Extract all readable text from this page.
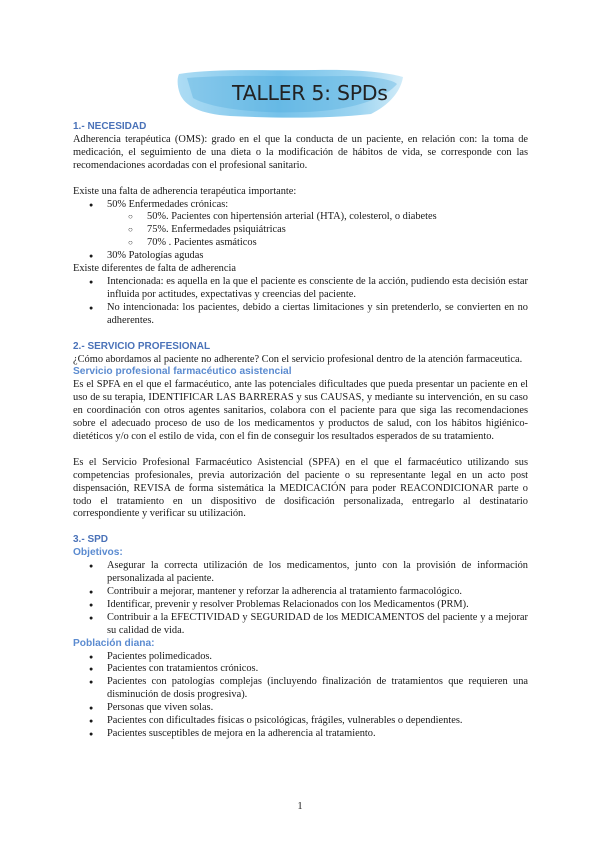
TALLER 5: SPDs
1.- NECESIDAD

Adherencia terapéutica (OMS): grado en el que la conducta de un paciente, en relación con: la toma de medicación, el seguimiento de una dieta o la modificación de hábitos de vida, se corresponde con las recomendaciones acordadas con el profesional sanitario.

Existe una falta de adherencia terapéutica importante:

● 50% Enfermedades crónicas:
○ 50%. Pacientes con hipertensión arterial (HTA), colesterol, o diabetes
○ 75%. Enfermedades psiquiátricas
○ 70% . Pacientes asmáticos
● 30% Patologías agudas

Existe diferentes de falta de adherencia

● Intencionada: es aquella en la que el paciente es consciente de la acción, pudiendo esta decisión estar influida por actitudes, expectativas y creencias del paciente.
● No intencionada: los pacientes, debido a ciertas limitaciones y sin pretenderlo, se convierten en no adherentes.
2.- SERVICIO PROFESIONAL

¿Cómo abordamos al paciente no adherente? Con el servicio profesional dentro de la atención farmaceutica.

Servicio profesional farmacéutico asistencial

Es el SPFA en el que el farmacéutico, ante las potenciales dificultades que pueda presentar un paciente en el uso de su terapia, IDENTIFICAR LAS BARRERAS y sus CAUSAS, y mediante su intervención, en su caso en coordinación con otros agentes sanitarios, colabora con el paciente para que siga las recomendaciones sobre el adecuado proceso de uso de los medicamentos y productos de salud, con los hábitos higiénico- dietéticos y/o con el estilo de vida, con el fin de conseguir los resultados esperados de su tratamiento.

Es el Servicio Profesional Farmacéutico Asistencial (SPFA) en el que el farmacéutico utilizando sus competencias profesionales, previa autorización del paciente o su representante legal en un acto post dispensación, REVISA de forma sistemática la MEDICACIÓN para poder REACONDICIONAR parte o todo el tratamiento en un dispositivo de dosificación personalizada, entregarlo al destinatario correspondiente y verificar su utilización.

3.- SPD
Objetivos:
● Asegurar la correcta utilización de los medicamentos, junto con la provisión de información personalizada al paciente.
● Contribuir a mejorar, mantener y reforzar la adherencia al tratamiento farmacológico.
● Identificar, prevenir y resolver Problemas Relacionados con los Medicamentos (PRM).
● Contribuir a la EFECTIVIDAD y SEGURIDAD de los MEDICAMENTOS del paciente y a mejorar su calidad de vida.
Población diana:
● Pacientes polimedicados.
● Pacientes con tratamientos crónicos.
● Pacientes con patologías complejas (incluyendo finalización de tratamientos que requieren una disminución de dosis progresiva).
● Personas que viven solas.
● Pacientes con dificultades físicas o psicológicas, frágiles, vulnerables o dependientes.
● Pacientes susceptibles de mejora en la adherencia al tratamiento.
1
